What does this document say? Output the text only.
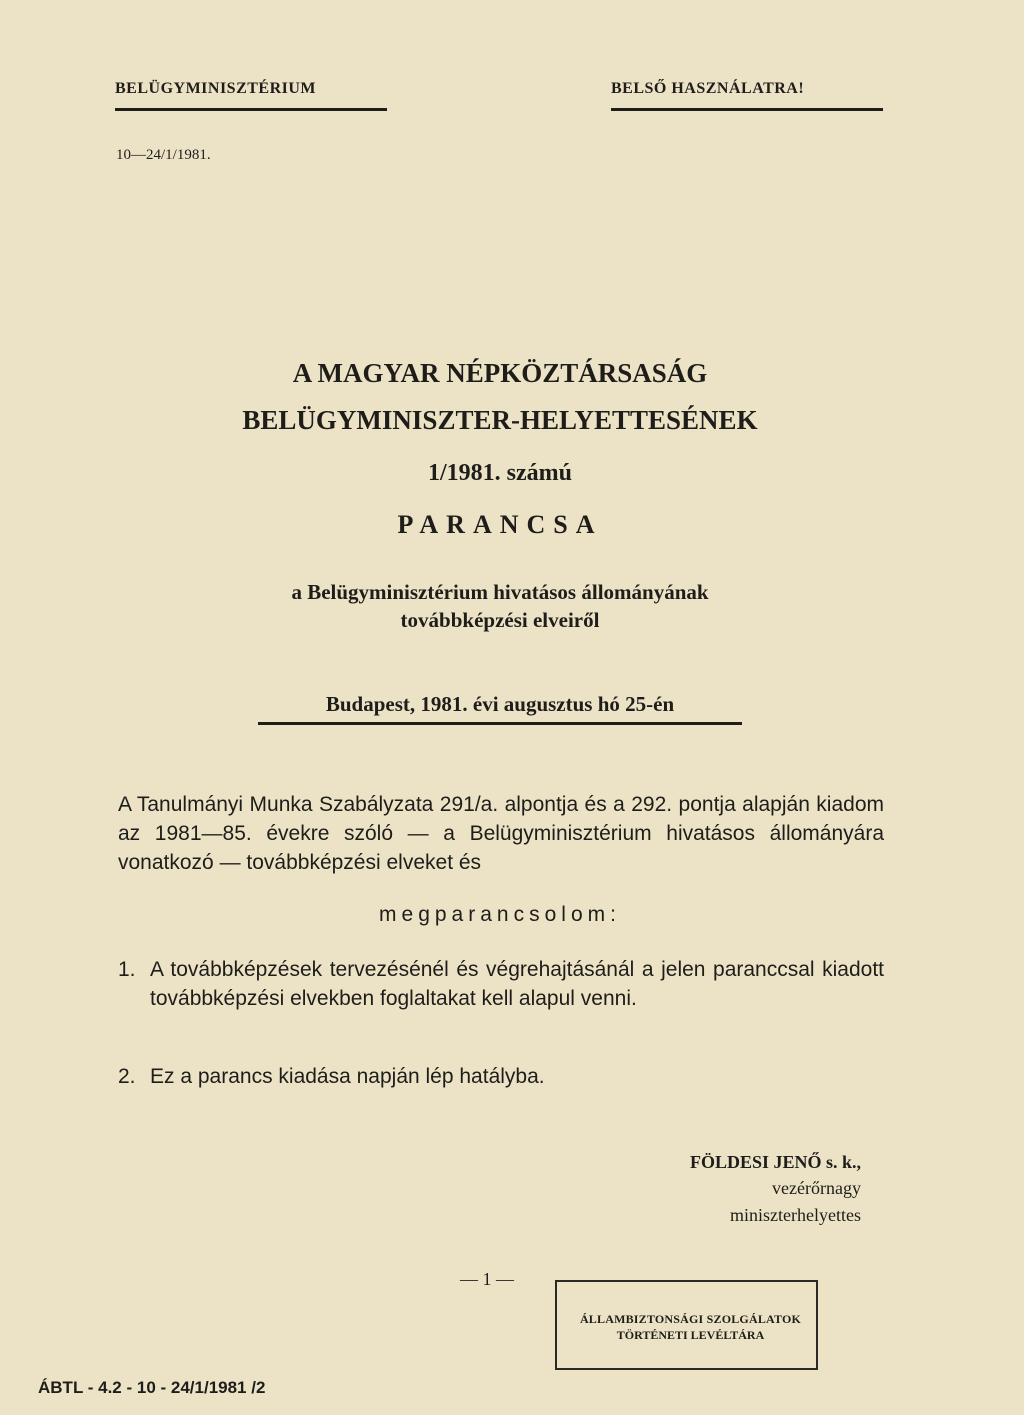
BELÜGYMINISZTÉRIUM	BELSŐ HASZNÁLATRA!
10—24/1/1981.
A MAGYAR NÉPKÖZTÁRSASÁG
BELÜGYMINISZTER-HELYETTESÉNEK
1/1981. számú
PARANCSA
a Belügyminisztérium hivatásos állományának
továbbképzési elveiről
Budapest, 1981. évi augusztus hó 25-én
A Tanulmányi Munka Szabályzata 291/a. alpontja és a 292. pontja alapján kiadom az 1981—85. évekre szóló — a Belügyminisztérium hivatásos állományára vonatkozó — továbbképzési elveket és
megparancsolom:
1. A továbbképzések tervezésénél és végrehajtásánál a jelen paranccsal kiadott továbbképzési elvekben foglaltakat kell alapul venni.
2. Ez a parancs kiadása napján lép hatályba.
FÖLDESI JENŐ s. k.,
vezérőrnagy
miniszterhelyettes
— 1 —
ÁLLAMBIZTONSÁGI SZOLGÁLATOK
TÖRTÉNETI LEVÉLTÁRA
ÁBTL - 4.2 - 10 - 24/1/1981 /2
